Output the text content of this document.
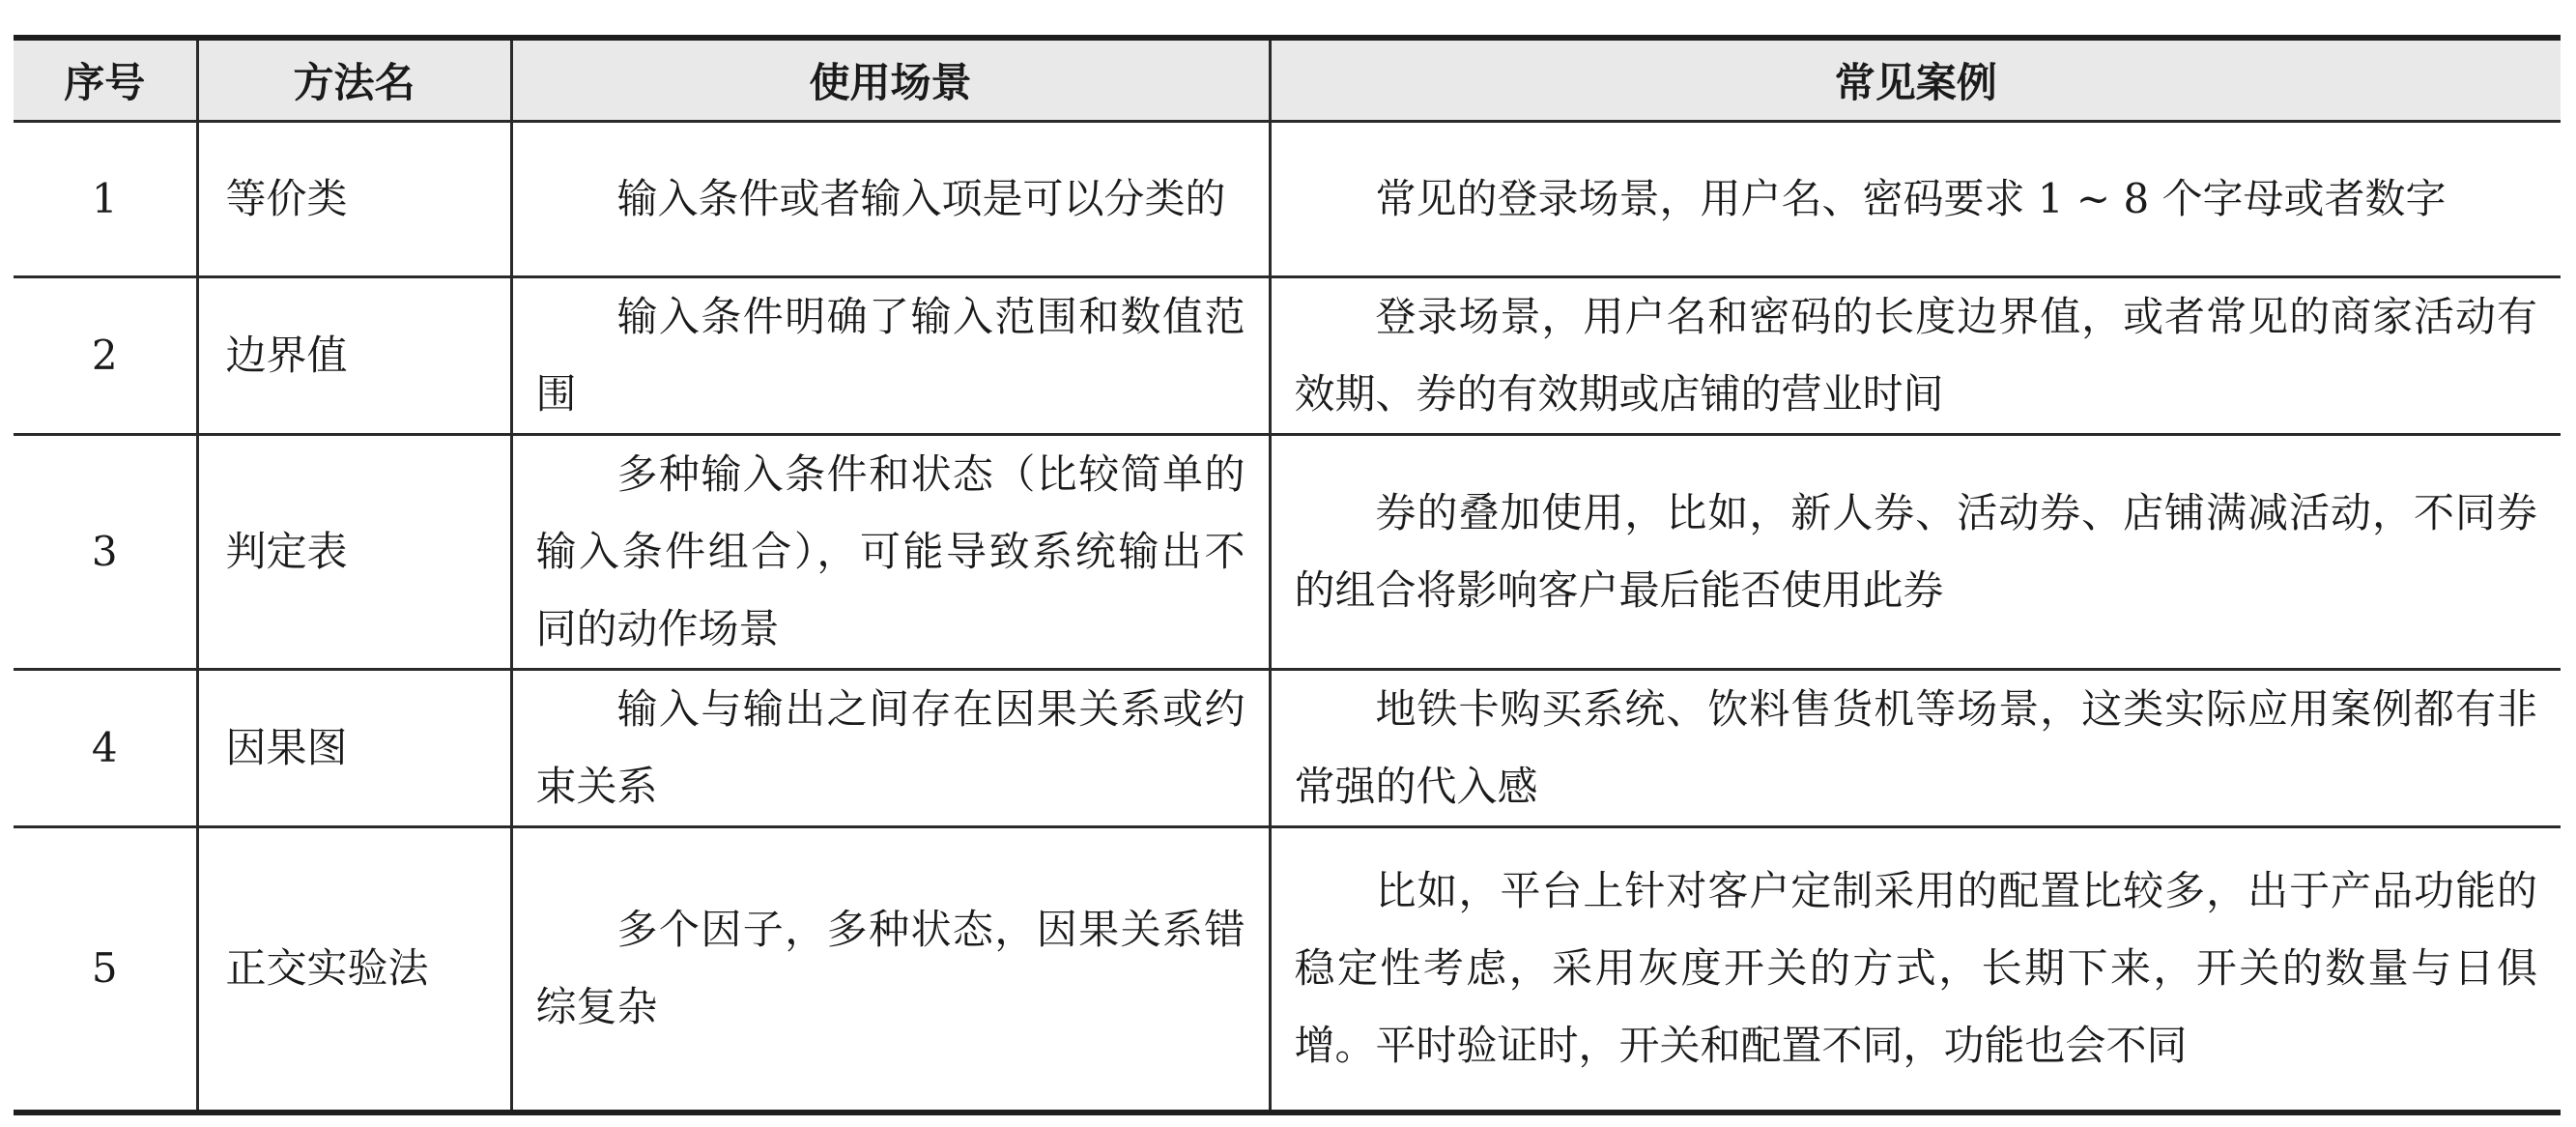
序号	方法名	使用场景	常见案例
1	等价类	输入条件或者输入项是可以分类的	常见的登录场景，用户名、密码要求 1 ~ 8 个字母或者数字
2	边界值	输入条件明确了输入范围和数值范围	登录场景，用户名和密码的长度边界值，或者常见的商家活动有效期、券的有效期或店铺的营业时间
3	判定表	多种输入条件和状态（比较简单的输入条件组合），可能导致系统输出不同的动作场景	券的叠加使用，比如，新人券、活动券、店铺满减活动，不同券的组合将影响客户最后能否使用此券
4	因果图	输入与输出之间存在因果关系或约束关系	地铁卡购买系统、饮料售货机等场景，这类实际应用案例都有非常强的代入感
5	正交实验法	多个因子，多种状态，因果关系错综复杂	比如，平台上针对客户定制采用的配置比较多，出于产品功能的稳定性考虑，采用灰度开关的方式，长期下来，开关的数量与日俱增。平时验证时，开关和配置不同，功能也会不同
